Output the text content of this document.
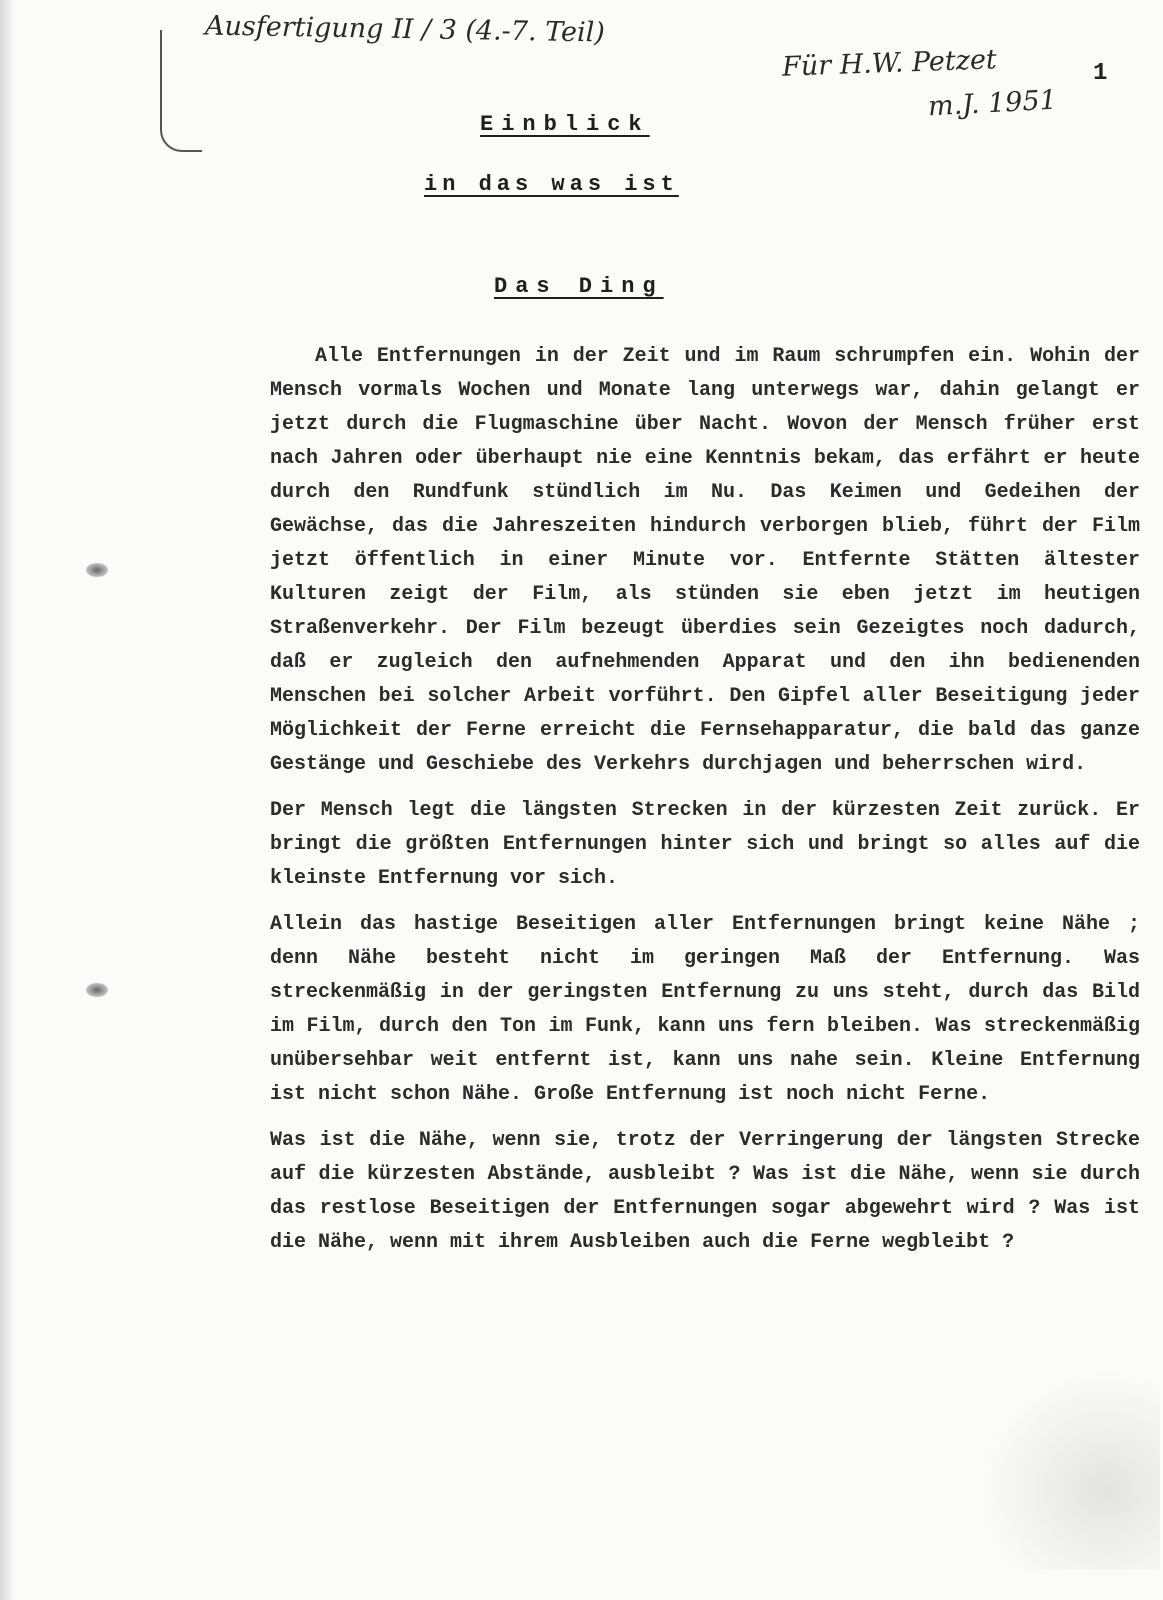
Ausfertigung II / 3 (4.-7. Teil)
Für H.W. Petzet
m.J. 1951
1
Einblick
in das was ist
Das Ding

Alle Entfernungen in der Zeit und im Raum schrumpfen ein. Wohin der Mensch vormals Wochen und Monate lang unterwegs war, dahin gelangt er jetzt durch die Flugmaschine über Nacht. Wovon der Mensch früher erst nach Jahren oder überhaupt nie eine Kenntnis bekam, das erfährt er heute durch den Rundfunk stündlich im Nu. Das Keimen und Gedeihen der Gewächse, das die Jahreszeiten hindurch verborgen blieb, führt der Film jetzt öffentlich in einer Minute vor. Entfernte Stätten ältester Kulturen zeigt der Film, als stünden sie eben jetzt im heutigen Straßenverkehr. Der Film bezeugt überdies sein Gezeigtes noch dadurch, daß er zugleich den aufnehmenden Apparat und den ihn bedienenden Menschen bei solcher Arbeit vorführt. Den Gipfel aller Beseitigung jeder Möglichkeit der Ferne erreicht die Fernsehapparatur, die bald das ganze Gestänge und Geschiebe des Verkehrs durchjagen und beherrschen wird.

Der Mensch legt die längsten Strecken in der kürzesten Zeit zurück. Er bringt die größten Entfernungen hinter sich und bringt so alles auf die kleinste Entfernung vor sich.

Allein das hastige Beseitigen aller Entfernungen bringt keine Nähe ; denn Nähe besteht nicht im geringen Maß der Entfernung. Was streckenmäßig in der geringsten Entfernung zu uns steht, durch das Bild im Film, durch den Ton im Funk, kann uns fern bleiben. Was streckenmäßig unübersehbar weit entfernt ist, kann uns nahe sein. Kleine Entfernung ist nicht schon Nähe. Große Entfernung ist noch nicht Ferne.

Was ist die Nähe, wenn sie, trotz der Verringerung der längsten Strecke auf die kürzesten Abstände, ausbleibt ? Was ist die Nähe, wenn sie durch das restlose Beseitigen der Entfernungen sogar abgewehrt wird ? Was ist die Nähe, wenn mit ihrem Ausbleiben auch die Ferne wegbleibt ?
